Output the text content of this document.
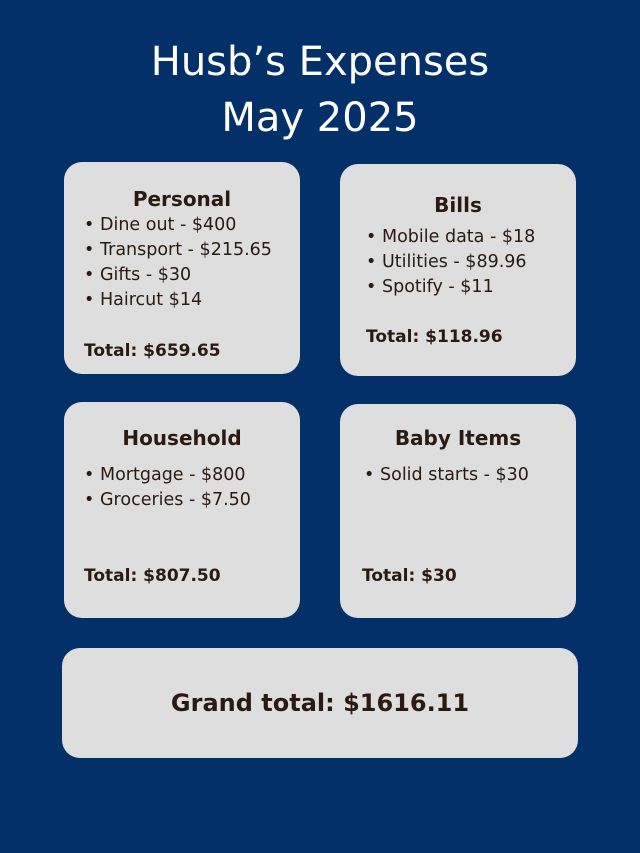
Husb’s Expenses
May 2025
Personal
• Dine out - $400
• Transport - $215.65
• Gifts - $30
• Haircut $14

Total: $659.65

Bills
• Mobile data - $18
• Utilities - $89.96
• Spotify - $11

Total: $118.96

Household
• Mortgage - $800
• Groceries - $7.50

Total: $807.50

Baby Items
• Solid starts - $30

Total: $30

Grand total: $1616.11
